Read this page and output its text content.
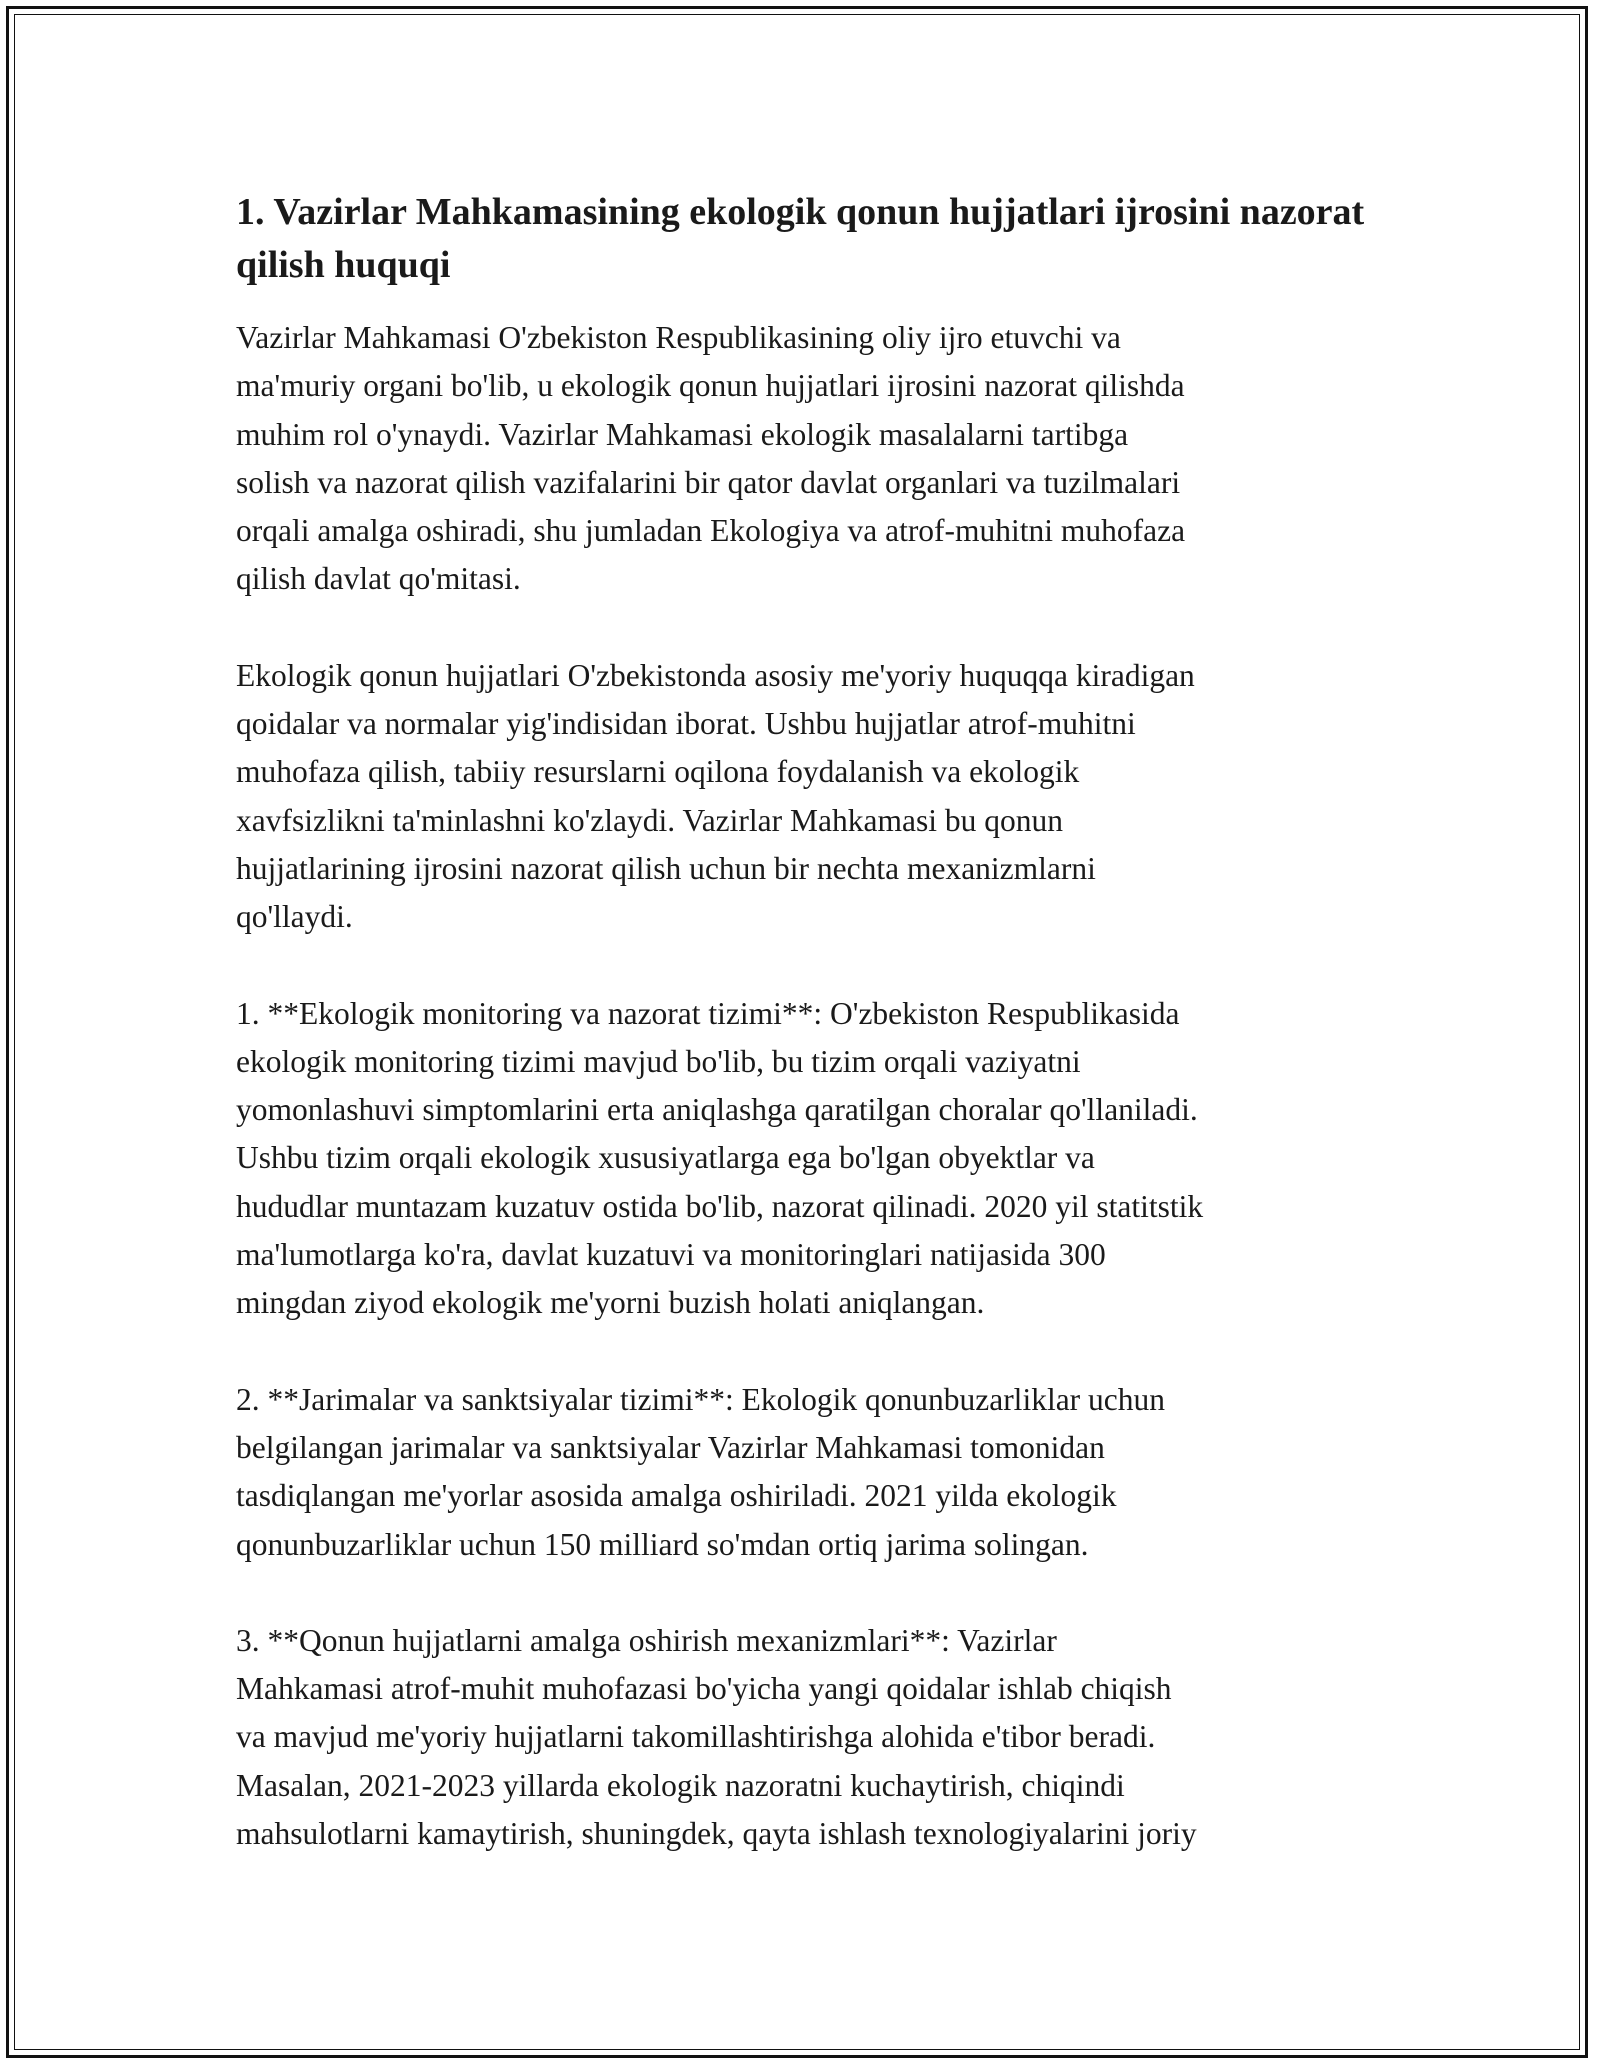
1. Vazirlar Mahkamasining ekologik qonun hujjatlari ijrosini nazorat qilish huquqi

Vazirlar Mahkamasi O'zbekiston Respublikasining oliy ijro etuvchi va
ma'muriy organi bo'lib, u ekologik qonun hujjatlari ijrosini nazorat qilishda
muhim rol o'ynaydi. Vazirlar Mahkamasi ekologik masalalarni tartibga
solish va nazorat qilish vazifalarini bir qator davlat organlari va tuzilmalari
orqali amalga oshiradi, shu jumladan Ekologiya va atrof-muhitni muhofaza
qilish davlat qo'mitasi.

Ekologik qonun hujjatlari O'zbekistonda asosiy me'yoriy huquqqa kiradigan
qoidalar va normalar yig'indisidan iborat. Ushbu hujjatlar atrof-muhitni
muhofaza qilish, tabiiy resurslarni oqilona foydalanish va ekologik
xavfsizlikni ta'minlashni ko'zlaydi. Vazirlar Mahkamasi bu qonun
hujjatlarining ijrosini nazorat qilish uchun bir nechta mexanizmlarni
qo'llaydi.

1. **Ekologik monitoring va nazorat tizimi**: O'zbekiston Respublikasida
ekologik monitoring tizimi mavjud bo'lib, bu tizim orqali vaziyatni
yomonlashuvi simptomlarini erta aniqlashga qaratilgan choralar qo'llaniladi.
Ushbu tizim orqali ekologik xususiyatlarga ega bo'lgan obyektlar va
hududlar muntazam kuzatuv ostida bo'lib, nazorat qilinadi. 2020 yil statitstik
ma'lumotlarga ko'ra, davlat kuzatuvi va monitoringlari natijasida 300
mingdan ziyod ekologik me'yorni buzish holati aniqlangan.

2. **Jarimalar va sanktsiyalar tizimi**: Ekologik qonunbuzarliklar uchun
belgilangan jarimalar va sanktsiyalar Vazirlar Mahkamasi tomonidan
tasdiqlangan me'yorlar asosida amalga oshiriladi. 2021 yilda ekologik
qonunbuzarliklar uchun 150 milliard so'mdan ortiq jarima solingan.

3. **Qonun hujjatlarni amalga oshirish mexanizmlari**: Vazirlar
Mahkamasi atrof-muhit muhofazasi bo'yicha yangi qoidalar ishlab chiqish
va mavjud me'yoriy hujjatlarni takomillashtirishga alohida e'tibor beradi.
Masalan, 2021-2023 yillarda ekologik nazoratni kuchaytirish, chiqindi
mahsulotlarni kamaytirish, shuningdek, qayta ishlash texnologiyalarini joriy
